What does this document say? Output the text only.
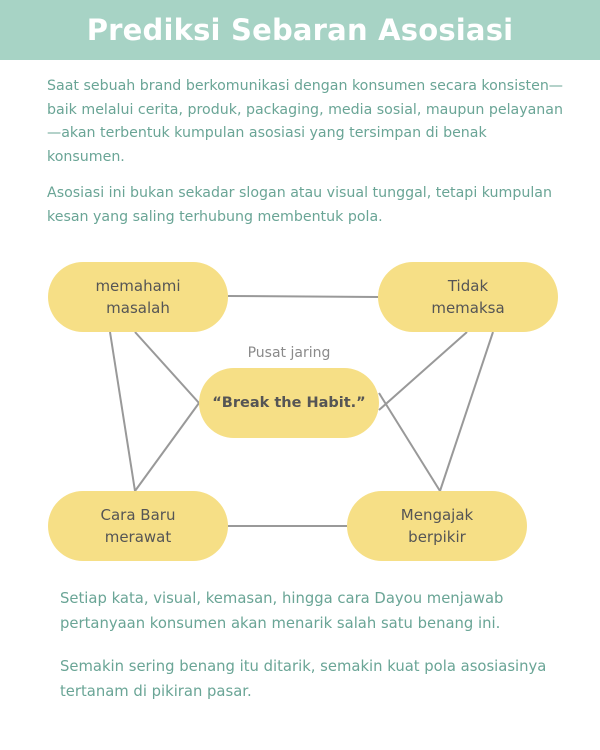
Prediksi Sebaran Asosiasi

Saat sebuah brand berkomunikasi dengan konsumen secara konsisten—baik melalui cerita, produk, packaging, media sosial, maupun pelayanan—akan terbentuk kumpulan asosiasi yang tersimpan di benak konsumen.

Asosiasi ini bukan sekadar slogan atau visual tunggal, tetapi kumpulan kesan yang saling terhubung membentuk pola.

memahami
masalah
Tidak
memaksa
Pusat jaring
“Break the Habit.”
Cara Baru
merawat
Mengajak
berpikir

Setiap kata, visual, kemasan, hingga cara Dayou menjawab pertanyaan konsumen akan menarik salah satu benang ini.

Semakin sering benang itu ditarik, semakin kuat pola asosiasinya tertanam di pikiran pasar.
